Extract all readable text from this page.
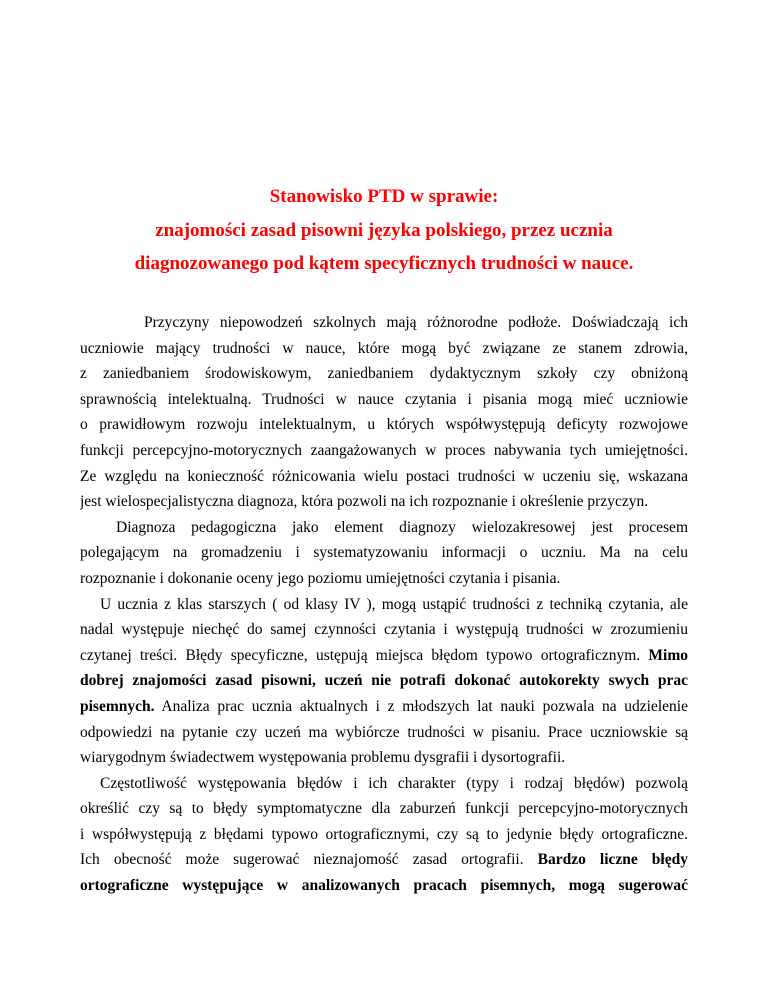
Stanowisko PTD w sprawie:
znajomości zasad pisowni języka polskiego, przez ucznia
diagnozowanego pod kątem specyficznych trudności w nauce.
Przyczyny niepowodzeń szkolnych mają różnorodne podłoże. Doświadczają ich
uczniowie mający trudności w nauce, które mogą być związane ze stanem zdrowia,
z zaniedbaniem środowiskowym, zaniedbaniem dydaktycznym szkoły czy obniżoną
sprawnością intelektualną. Trudności w nauce czytania i pisania mogą mieć uczniowie
o prawidłowym rozwoju intelektualnym, u których współwystępują deficyty rozwojowe
funkcji percepcyjno-motorycznych zaangażowanych w proces nabywania tych umiejętności.
Ze względu na konieczność różnicowania wielu postaci trudności w uczeniu się, wskazana
jest wielospecjalistyczna diagnoza, która pozwoli na ich rozpoznanie i określenie przyczyn.
Diagnoza pedagogiczna jako element diagnozy wielozakresowej jest procesem
polegającym na gromadzeniu i systematyzowaniu informacji o uczniu. Ma na celu
rozpoznanie i dokonanie oceny jego poziomu umiejętności czytania i pisania.
U ucznia z klas starszych ( od klasy IV ), mogą ustąpić trudności z techniką czytania, ale
nadal występuje niechęć do samej czynności czytania i występują trudności w zrozumieniu
czytanej treści. Błędy specyficzne, ustępują miejsca błędom typowo ortograficznym. Mimo
dobrej znajomości zasad pisowni, uczeń nie potrafi dokonać autokorekty swych prac
pisemnych. Analiza prac ucznia aktualnych i z młodszych lat nauki pozwala na udzielenie
odpowiedzi na pytanie czy uczeń ma wybiórcze trudności w pisaniu. Prace uczniowskie są
wiarygodnym świadectwem występowania problemu dysgrafii i dysortografii.
Częstotliwość występowania błędów i ich charakter (typy i rodzaj błędów) pozwolą
określić czy są to błędy symptomatyczne dla zaburzeń funkcji percepcyjno-motorycznych
i współwystępują z błędami typowo ortograficznymi, czy są to jedynie błędy ortograficzne.
Ich obecność może sugerować nieznajomość zasad ortografii. Bardzo liczne błędy
ortograficzne występujące w analizowanych pracach pisemnych, mogą sugerować
